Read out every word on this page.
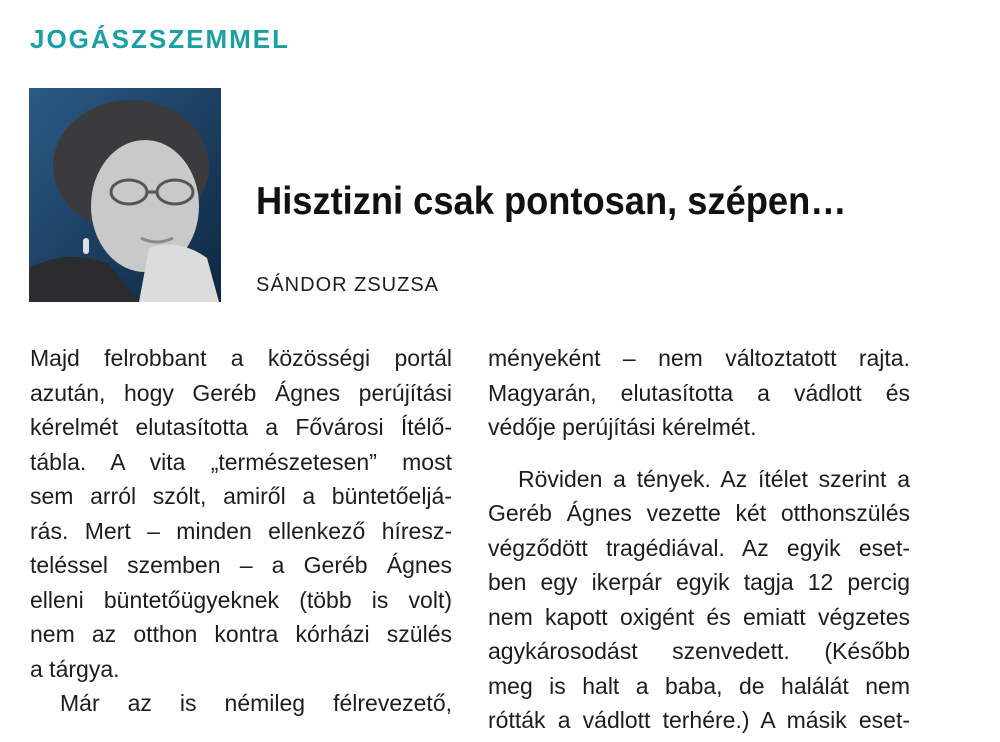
JOGÁSZSZEMMEL
Hisztizni csak pontosan, szépen…
SÁNDOR ZSUZSA
Majd felrobbant a közösségi portál
azután, hogy Geréb Ágnes perújítási
kérelmét elutasította a Fővárosi Ítélő-
tábla. A vita „természetesen” most
sem arról szólt, amiről a büntetőeljá-
rás. Mert – minden ellenkező híresz-
teléssel szemben – a Geréb Ágnes
elleni büntetőügyeknek (több is volt)
nem az otthon kontra kórházi szülés
a tárgya.
Már az is némileg félrevezető,
ményeként – nem változtatott rajta.
Magyarán, elutasította a vádlott és
védője perújítási kérelmét.
Röviden a tények. Az ítélet szerint a
Geréb Ágnes vezette két otthonszülés
végződött tragédiával. Az egyik eset-
ben egy ikerpár egyik tagja 12 percig
nem kapott oxigént és emiatt végzetes
agykárosodást szenvedett. (Később
meg is halt a baba, de halálát nem
rótták a vádlott terhére.) A másik eset-
